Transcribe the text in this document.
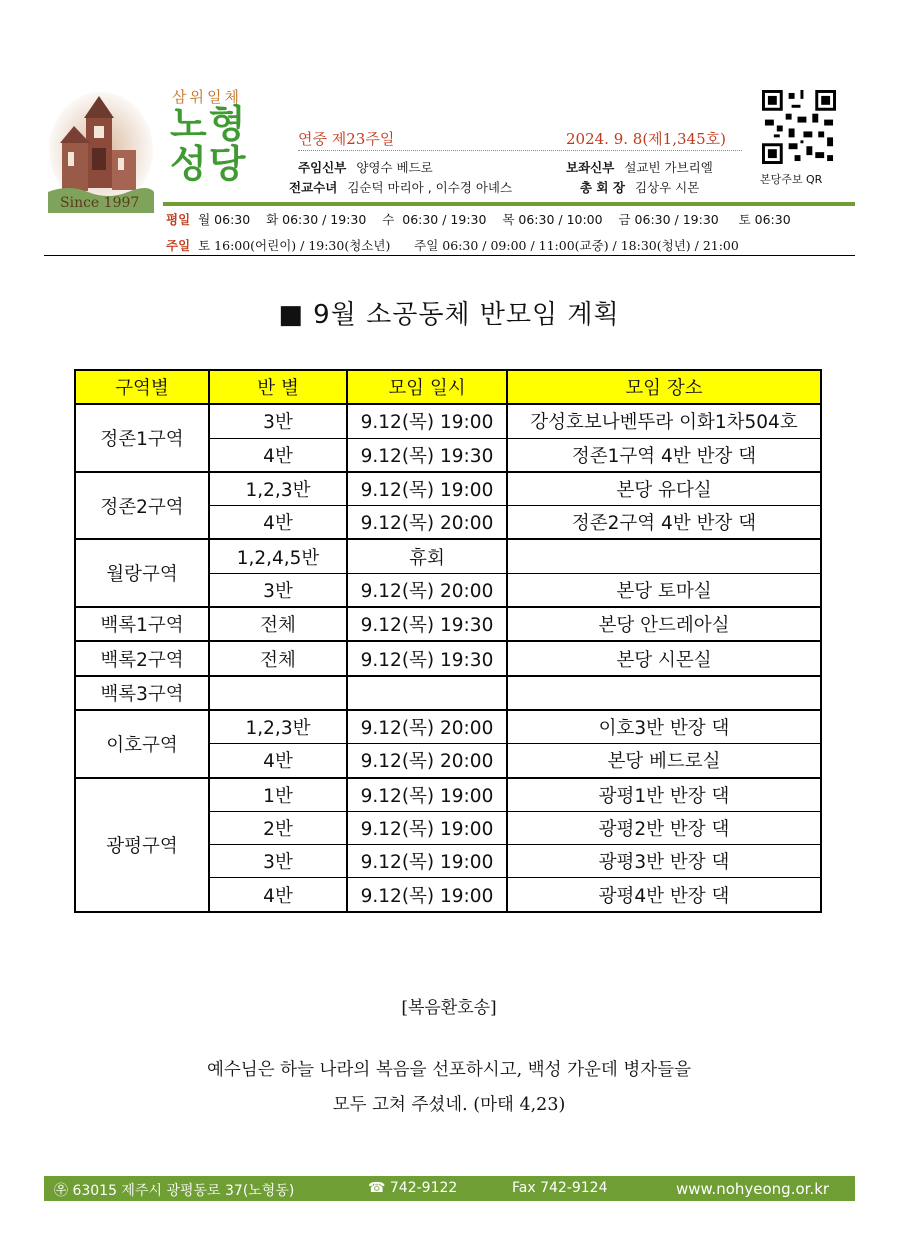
Since 1997
삼위일체
노형
성당
연중 제23주일	2024. 9. 8(제1,345호)
주임신부 양영수 베드로	보좌신부 설교빈 가브리엘
전교수녀 김순덕 마리아 , 이수경 아녜스	총 회 장 김상우 시몬
본당주보 QR
평일 월 06:30    화 06:30 / 19:30    수  06:30 / 19:30    목 06:30 / 10:00    금 06:30 / 19:30     토 06:30
주일 토 16:00(어린이) / 19:30(청소년)      주일 06:30 / 09:00 / 11:00(교중) / 18:30(청년) / 21:00
■ 9월 소공동체 반모임 계획
구역별	반 별	모임 일시	모임 장소
정존1구역	3반	9.12(목) 19:00	강성호보나벤뚜라 이화1차504호
	4반	9.12(목) 19:30	정존1구역 4반 반장 댁
정존2구역	1,2,3반	9.12(목) 19:00	본당 유다실
	4반	9.12(목) 20:00	정존2구역 4반 반장 댁
월랑구역	1,2,4,5반	휴회	
	3반	9.12(목) 20:00	본당 토마실
백록1구역	전체	9.12(목) 19:30	본당 안드레아실
백록2구역	전체	9.12(목) 19:30	본당 시몬실
백록3구역			
이호구역	1,2,3반	9.12(목) 20:00	이호3반 반장 댁
	4반	9.12(목) 20:00	본당 베드로실
광평구역	1반	9.12(목) 19:00	광평1반 반장 댁
	2반	9.12(목) 19:00	광평2반 반장 댁
	3반	9.12(목) 19:00	광평3반 반장 댁
	4반	9.12(목) 19:00	광평4반 반장 댁
[복음환호송]
예수님은 하늘 나라의 복음을 선포하시고, 백성 가운데 병자들을
모두 고쳐 주셨네. (마태 4,23)
㉾ 63015 제주시 광평동로 37(노형동)	☎ 742-9122	Fax 742-9124	www.nohyeong.or.kr
